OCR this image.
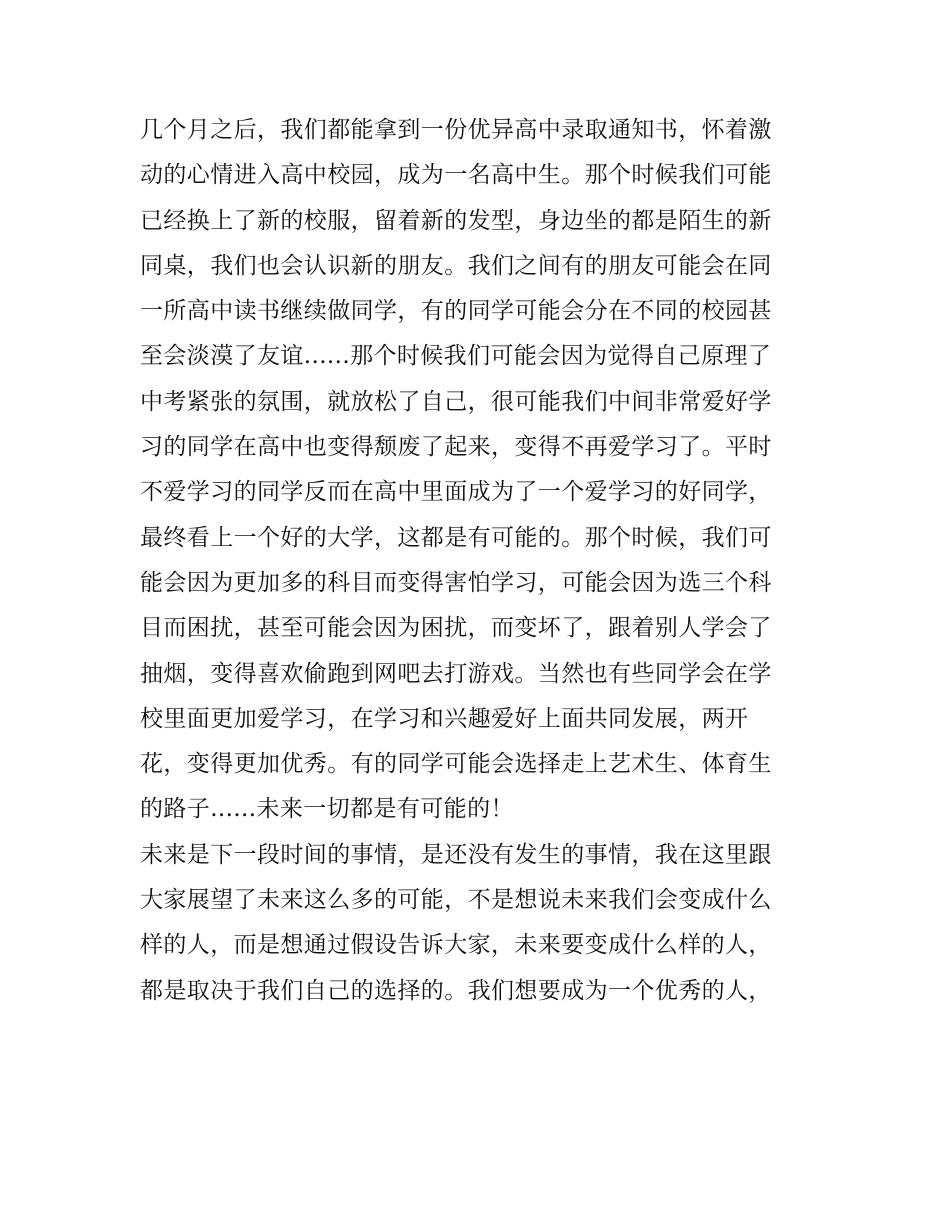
几个月之后，我们都能拿到一份优异高中录取通知书，怀着激
动的心情进入高中校园，成为一名高中生。那个时候我们可能
已经换上了新的校服，留着新的发型，身边坐的都是陌生的新
同桌，我们也会认识新的朋友。我们之间有的朋友可能会在同
一所高中读书继续做同学，有的同学可能会分在不同的校园甚
至会淡漠了友谊......那个时候我们可能会因为觉得自己原理了
中考紧张的氛围，就放松了自己，很可能我们中间非常爱好学
习的同学在高中也变得颓废了起来，变得不再爱学习了。平时
不爱学习的同学反而在高中里面成为了一个爱学习的好同学，
最终看上一个好的大学，这都是有可能的。那个时候，我们可
能会因为更加多的科目而变得害怕学习，可能会因为选三个科
目而困扰，甚至可能会因为困扰，而变坏了，跟着别人学会了
抽烟，变得喜欢偷跑到网吧去打游戏。当然也有些同学会在学
校里面更加爱学习，在学习和兴趣爱好上面共同发展，两开
花，变得更加优秀。有的同学可能会选择走上艺术生、体育生
的路子......未来一切都是有可能的！
未来是下一段时间的事情，是还没有发生的事情，我在这里跟
大家展望了未来这么多的可能，不是想说未来我们会变成什么
样的人，而是想通过假设告诉大家，未来要变成什么样的人，
都是取决于我们自己的选择的。我们想要成为一个优秀的人，
